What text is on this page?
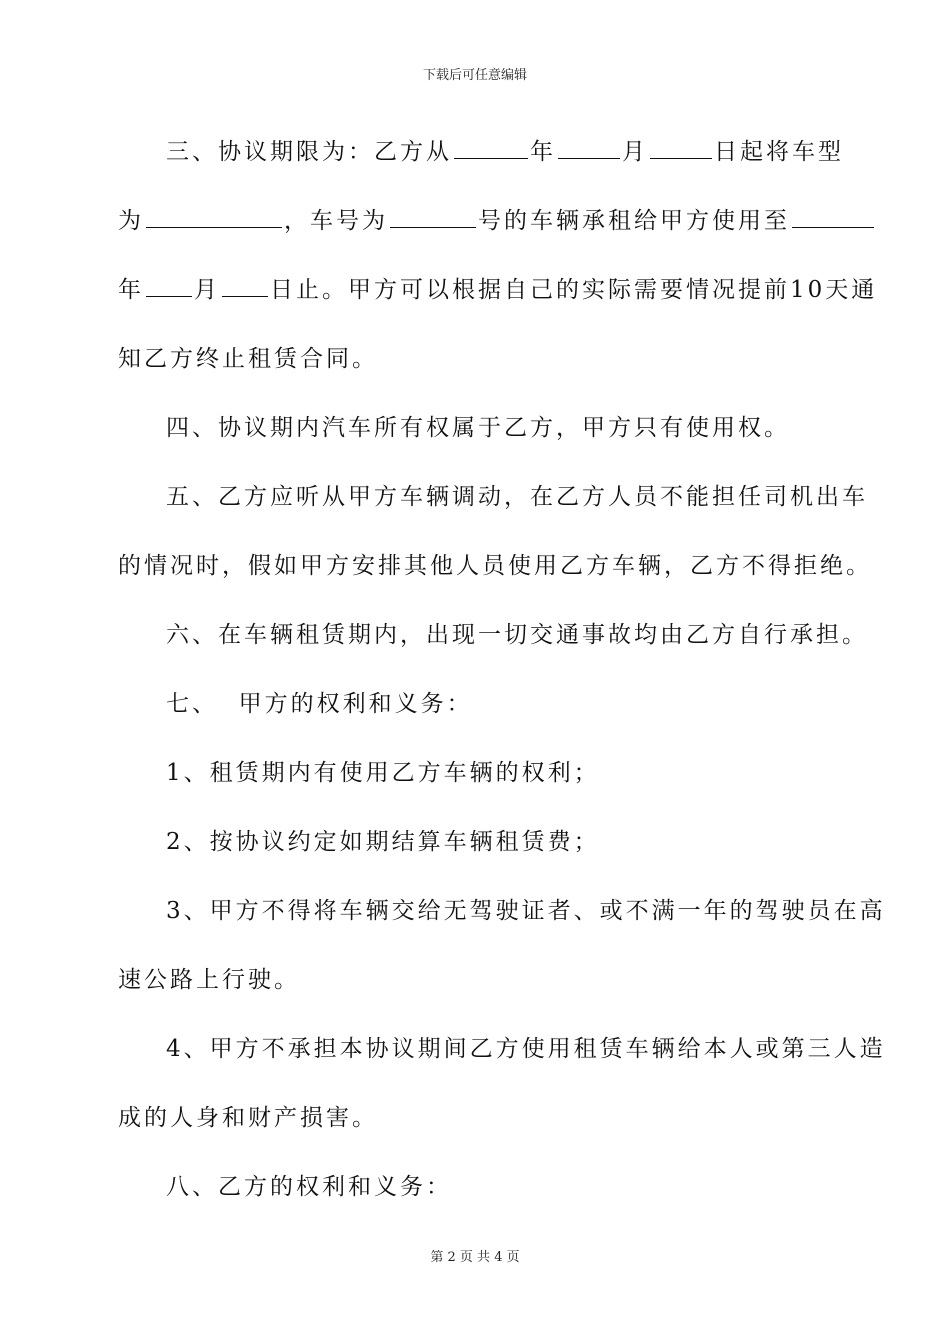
下载后可任意编辑
三、协议期限为：乙方从	年	月	日起将车型
为	，车号为	号的车辆承租给甲方使用至
年 月 日止。甲方可以根据自己的实际需要情况提前10天通
知乙方终止租赁合同。
四、协议期内汽车所有权属于乙方，甲方只有使用权。
五、乙方应听从甲方车辆调动，在乙方人员不能担任司机出车
的情况时，假如甲方安排其他人员使用乙方车辆，乙方不得拒绝。
六、在车辆租赁期内，出现一切交通事故均由乙方自行承担。
七、  甲方的权利和义务：
1、租赁期内有使用乙方车辆的权利；
2、按协议约定如期结算车辆租赁费；
3、甲方不得将车辆交给无驾驶证者、或不满一年的驾驶员在高
速公路上行驶。
4、甲方不承担本协议期间乙方使用租赁车辆给本人或第三人造
成的人身和财产损害。
八、乙方的权利和义务：
第 2 页 共 4 页
